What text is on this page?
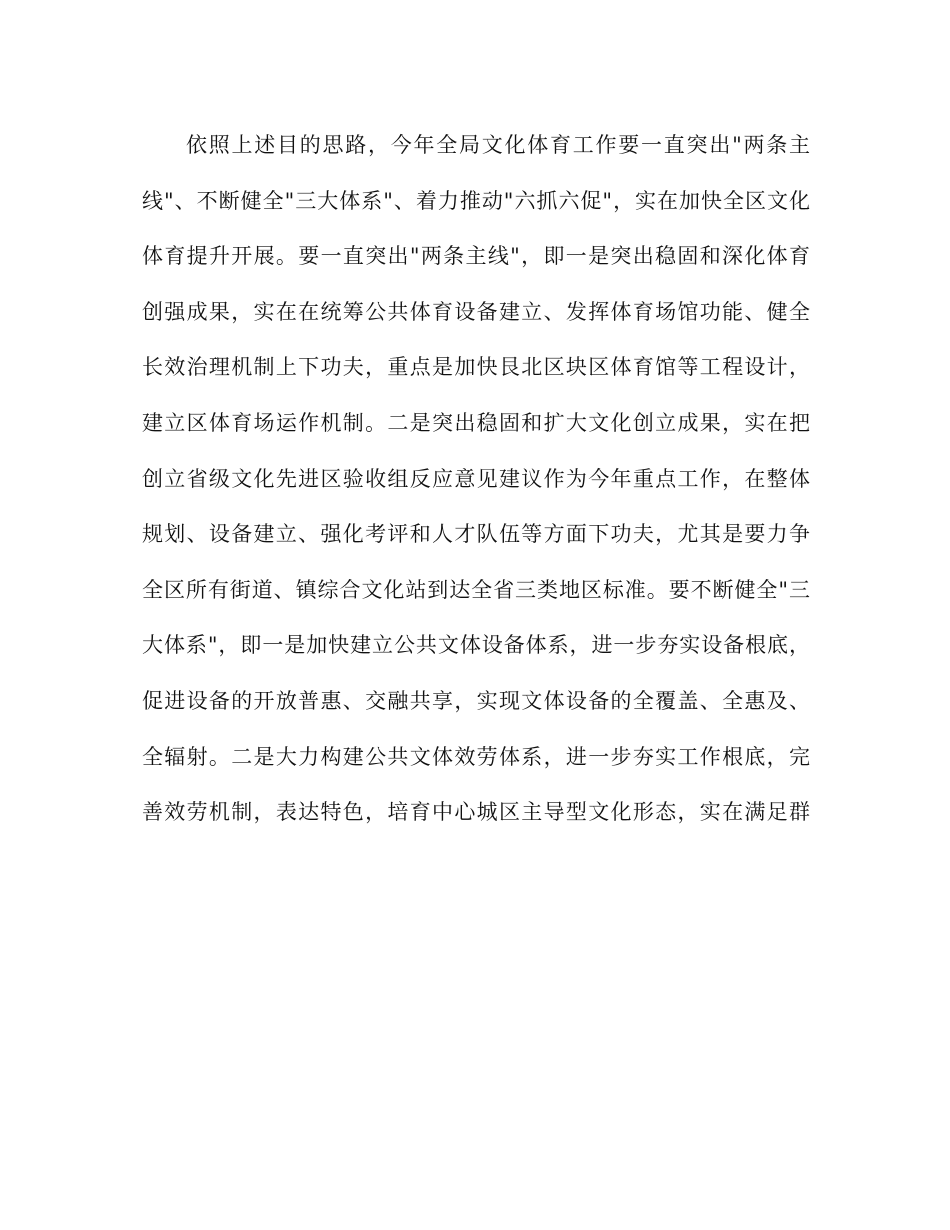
依照上述目的思路，今年全局文化体育工作要一直突出"两条主
线"、不断健全"三大体系"、着力推动"六抓六促"，实在加快全区文化
体育提升开展。要一直突出"两条主线"，即一是突出稳固和深化体育
创强成果，实在在统筹公共体育设备建立、发挥体育场馆功能、健全
长效治理机制上下功夫，重点是加快艮北区块区体育馆等工程设计，
建立区体育场运作机制。二是突出稳固和扩大文化创立成果，实在把
创立省级文化先进区验收组反应意见建议作为今年重点工作，在整体
规划、设备建立、强化考评和人才队伍等方面下功夫，尤其是要力争
全区所有街道、镇综合文化站到达全省三类地区标准。要不断健全"三
大体系"，即一是加快建立公共文体设备体系，进一步夯实设备根底，
促进设备的开放普惠、交融共享，实现文体设备的全覆盖、全惠及、
全辐射。二是大力构建公共文体效劳体系，进一步夯实工作根底，完
善效劳机制，表达特色，培育中心城区主导型文化形态，实在满足群
